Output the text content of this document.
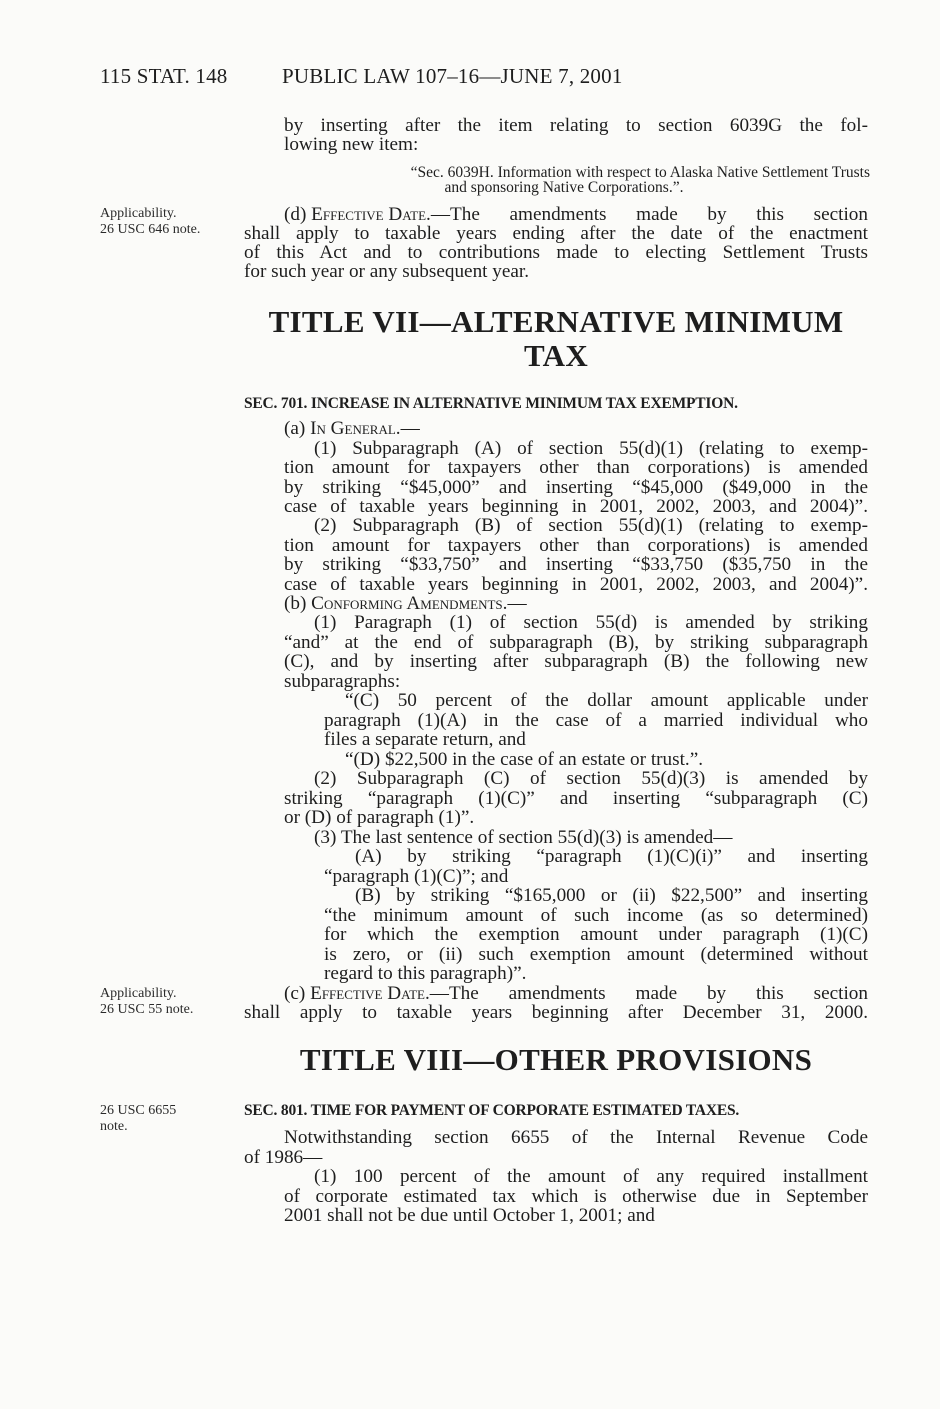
115 STAT. 148	PUBLIC LAW 107–16—JUNE 7, 2001
by inserting after the item relating to section 6039G the fol-
lowing new item:
“Sec. 6039H. Information with respect to Alaska Native Settlement Trusts
and sponsoring Native Corporations.”.
Applicability.
26 USC 646 note.
(d) Effective Date .—The amendments made by this section
shall apply to taxable years ending after the date of the enactment
of this Act and to contributions made to electing Settlement Trusts
for such year or any subsequent year.
TITLE VII—ALTERNATIVE MINIMUM
TAX
SEC. 701. INCREASE IN ALTERNATIVE MINIMUM TAX EXEMPTION.
(a) In General.—
(1) Subparagraph (A) of section 55(d)(1) (relating to exemp-
tion amount for taxpayers other than corporations) is amended
by striking “$45,000” and inserting “$45,000 ($49,000 in the
case of taxable years beginning in 2001, 2002, 2003, and 2004)”.
(2) Subparagraph (B) of section 55(d)(1) (relating to exemp-
tion amount for taxpayers other than corporations) is amended
by striking “$33,750” and inserting “$33,750 ($35,750 in the
case of taxable years beginning in 2001, 2002, 2003, and 2004)”.
(b) Conforming Amendments.—
(1) Paragraph (1) of section 55(d) is amended by striking
“and” at the end of subparagraph (B), by striking subparagraph
(C), and by inserting after subparagraph (B) the following new
subparagraphs:
“(C) 50 percent of the dollar amount applicable under
paragraph (1)(A) in the case of a married individual who
files a separate return, and
“(D) $22,500 in the case of an estate or trust.”.
(2) Subparagraph (C) of section 55(d)(3) is amended by
striking “paragraph (1)(C)” and inserting “subparagraph (C)
or (D) of paragraph (1)”.
(3) The last sentence of section 55(d)(3) is amended—
(A) by striking “paragraph (1)(C)(i)” and inserting
“paragraph (1)(C)”; and
(B) by striking “$165,000 or (ii) $22,500” and inserting
“the minimum amount of such income (as so determined)
for which the exemption amount under paragraph (1)(C)
is zero, or (ii) such exemption amount (determined without
regard to this paragraph)”.
Applicability.
26 USC 55 note.
(c) Effective Date .—The amendments made by this section
shall apply to taxable years beginning after December 31, 2000.
TITLE VIII—OTHER PROVISIONS
26 USC 6655
note.
SEC. 801. TIME FOR PAYMENT OF CORPORATE ESTIMATED TAXES.
Notwithstanding section 6655 of the Internal Revenue Code
of 1986—
(1) 100 percent of the amount of any required installment
of corporate estimated tax which is otherwise due in September
2001 shall not be due until October 1, 2001; and
